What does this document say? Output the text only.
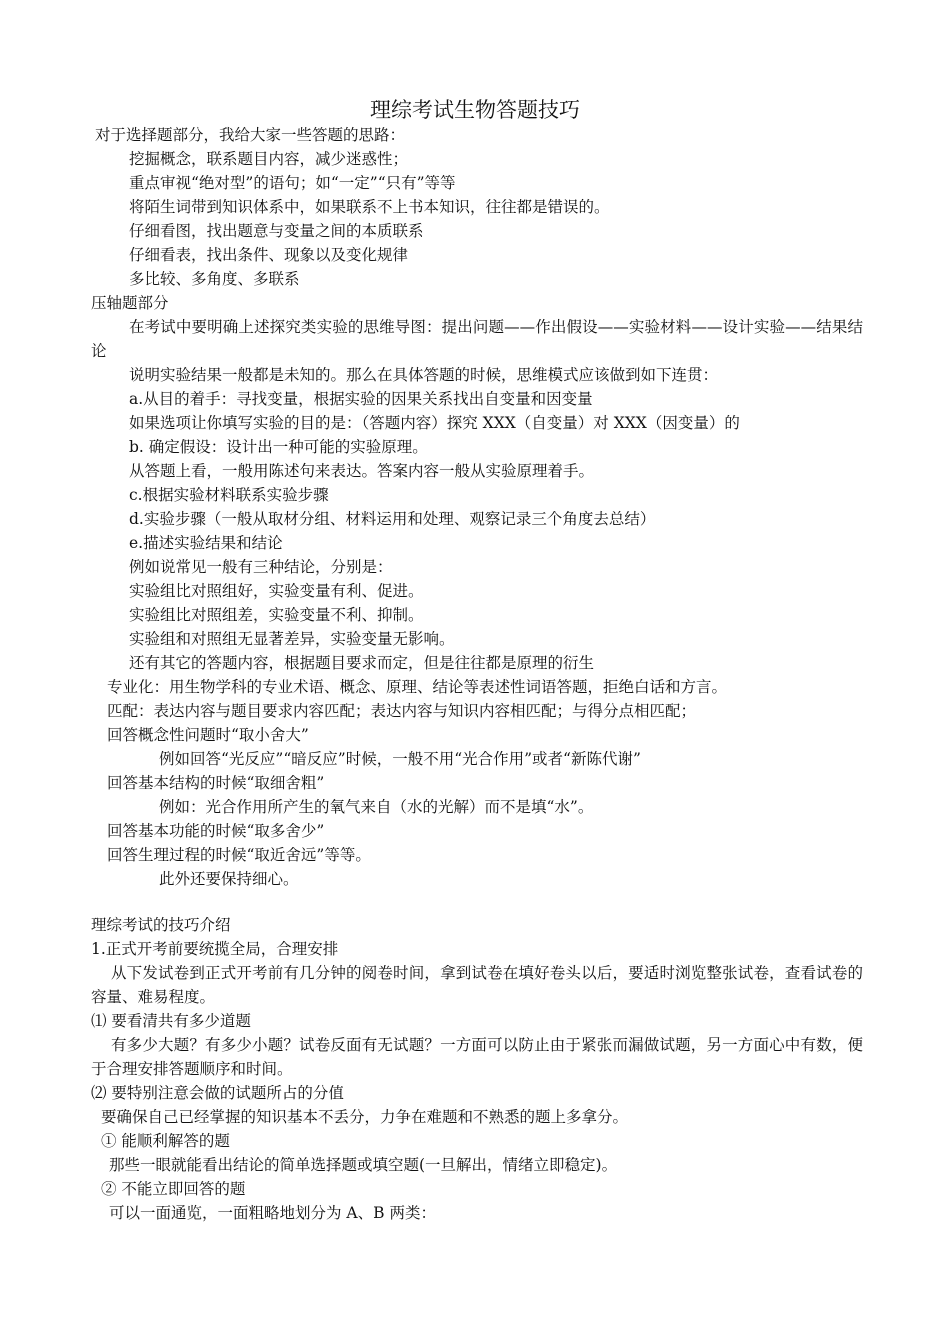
理综考试生物答题技巧
对于选择题部分，我给大家一些答题的思路：
挖掘概念，联系题目内容，减少迷惑性；
重点审视“绝对型”的语句；如“一定”“只有”等等
将陌生词带到知识体系中，如果联系不上书本知识，往往都是错误的。
仔细看图，找出题意与变量之间的本质联系
仔细看表，找出条件、现象以及变化规律
多比较、多角度、多联系
压轴题部分
在考试中要明确上述探究类实验的思维导图：提出问题——作出假设——实验材料——设计实验——结果结论
说明实验结果一般都是未知的。那么在具体答题的时候，思维模式应该做到如下连贯：
a.从目的着手：寻找变量，根据实验的因果关系找出自变量和因变量
如果选项让你填写实验的目的是：（答题内容）探究 XXX（自变量）对 XXX（因变量）的
b. 确定假设：设计出一种可能的实验原理。
从答题上看，一般用陈述句来表达。答案内容一般从实验原理着手。
c.根据实验材料联系实验步骤
d.实验步骤（一般从取材分组、材料运用和处理、观察记录三个角度去总结）
e.描述实验结果和结论
例如说常见一般有三种结论，分别是：
实验组比对照组好，实验变量有利、促进。
实验组比对照组差，实验变量不利、抑制。
实验组和对照组无显著差异，实验变量无影响。
还有其它的答题内容，根据题目要求而定，但是往往都是原理的衍生
专业化：用生物学科的专业术语、概念、原理、结论等表述性词语答题，拒绝白话和方言。
匹配：表达内容与题目要求内容匹配；表达内容与知识内容相匹配；与得分点相匹配；
回答概念性问题时“取小舍大”
例如回答“光反应”“暗反应”时候，一般不用“光合作用”或者“新陈代谢”
回答基本结构的时候“取细舍粗”
例如：光合作用所产生的氧气来自（水的光解）而不是填“水”。
回答基本功能的时候“取多舍少”
回答生理过程的时候“取近舍远”等等。
此外还要保持细心。
理综考试的技巧介绍
1.正式开考前要统揽全局，合理安排
从下发试卷到正式开考前有几分钟的阅卷时间，拿到试卷在填好卷头以后，要适时浏览整张试卷，查看试卷的容量、难易程度。
⑴ 要看清共有多少道题
有多少大题？有多少小题？试卷反面有无试题？一方面可以防止由于紧张而漏做试题，另一方面心中有数，便于合理安排答题顺序和时间。
⑵ 要特别注意会做的试题所占的分值
要确保自己已经掌握的知识基本不丢分，力争在难题和不熟悉的题上多拿分。
① 能顺利解答的题
那些一眼就能看出结论的简单选择题或填空题(一旦解出，情绪立即稳定)。
② 不能立即回答的题
可以一面通览，一面粗略地划分为 A、B 两类：
